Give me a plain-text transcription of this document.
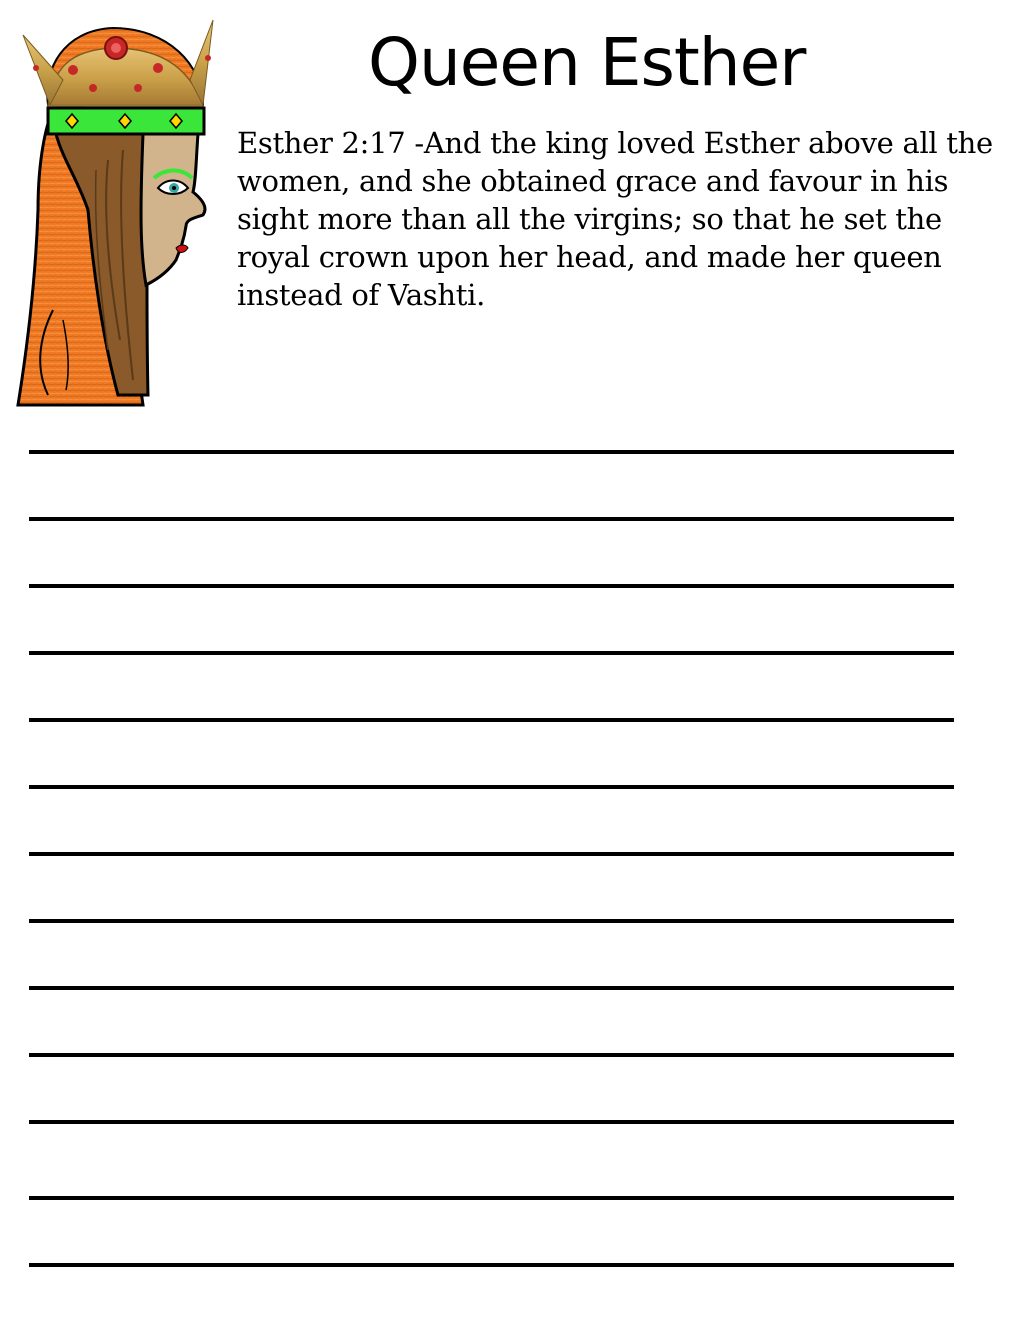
Queen Esther

Esther 2:17 -And the king loved Esther above all the women, and she obtained grace and favour in his sight more than all the virgins; so that he set the royal crown upon her head, and made her queen instead of Vashti.
